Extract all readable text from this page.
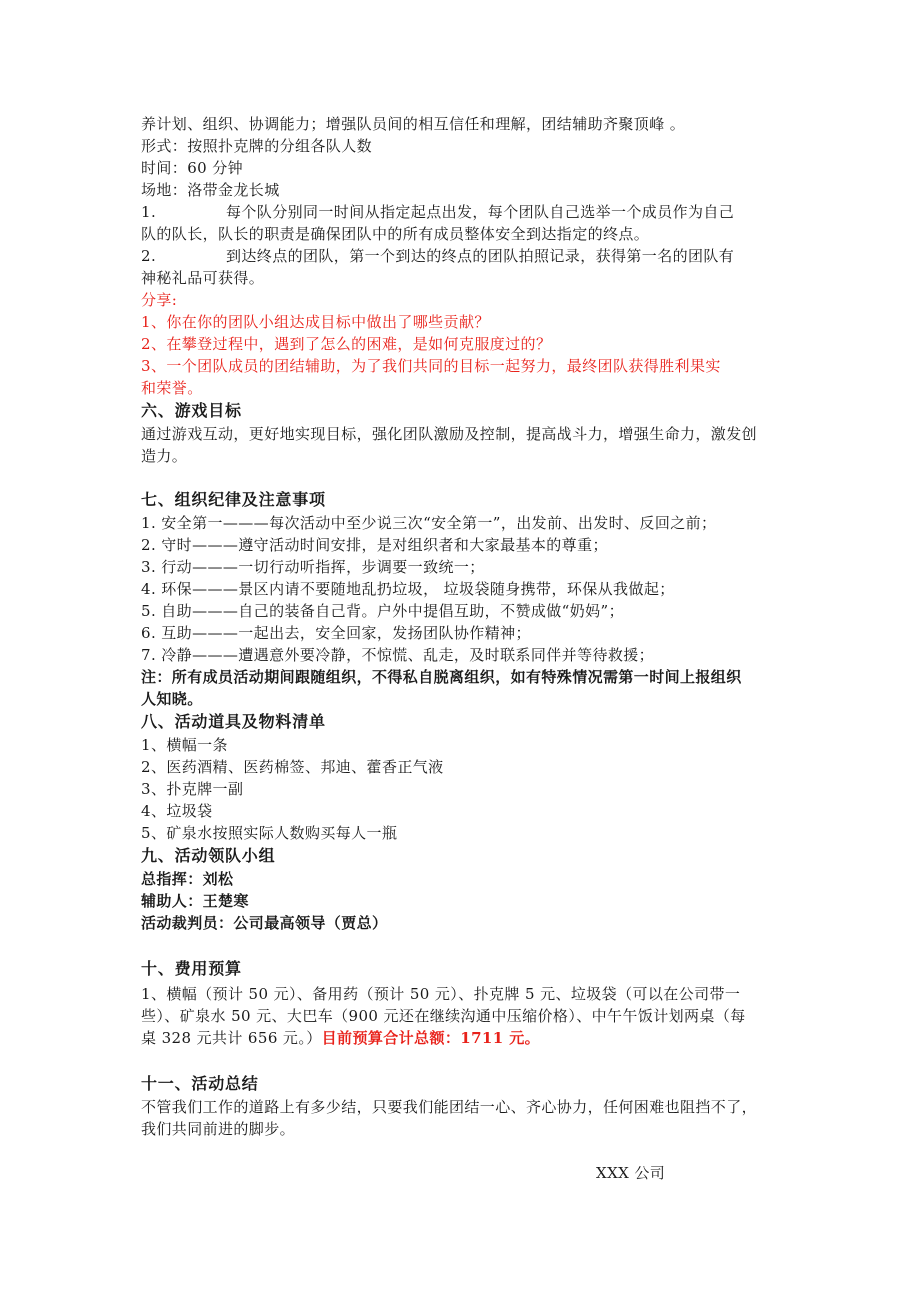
养计划、组织、协调能力；增强队员间的相互信任和理解，团结辅助齐聚顶峰 。
形式：按照扑克牌的分组各队人数
时间：60 分钟
场地：洛带金龙长城
1.	每个队分别同一时间从指定起点出发，每个团队自己选举一个成员作为自己
队的队长，队长的职责是确保团队中的所有成员整体安全到达指定的终点。
2.	到达终点的团队，第一个到达的终点的团队拍照记录，获得第一名的团队有
神秘礼品可获得。
分享:
1、你在你的团队小组达成目标中做出了哪些贡献？
2、在攀登过程中，遇到了怎么的困难，是如何克服度过的？
3、一个团队成员的团结辅助，为了我们共同的目标一起努力，最终团队获得胜利果实
和荣誉。
六、游戏目标
通过游戏互动，更好地实现目标，强化团队激励及控制，提高战斗力，增强生命力，激发创
造力。
七、组织纪律及注意事项
1. 安全第一———每次活动中至少说三次“安全第一”，出发前、出发时、反回之前；
2. 守时———遵守活动时间安排，是对组织者和大家最基本的尊重；
3. 行动———一切行动听指挥，步调要一致统一；
4. 环保———景区内请不要随地乱扔垃圾， 垃圾袋随身携带，环保从我做起；
5. 自助———自己的装备自己背。户外中提倡互助，不赞成做“奶妈”；
6. 互助———一起出去，安全回家，发扬团队协作精神；
7. 冷静———遭遇意外要冷静，不惊慌、乱走，及时联系同伴并等待救援；
注：所有成员活动期间跟随组织，不得私自脱离组织，如有特殊情况需第一时间上报组织
人知晓。
八、活动道具及物料清单
1、横幅一条
2、医药酒精、医药棉签、邦迪、藿香正气液
3、扑克牌一副
4、垃圾袋
5、矿泉水按照实际人数购买每人一瓶
九、活动领队小组
总指挥：刘松
辅助人：王楚寒
活动裁判员：公司最高领导（贾总）
十、费用预算
1、横幅（预计 50 元）、备用药（预计 50 元）、扑克牌 5 元、垃圾袋（可以在公司带一
些）、矿泉水 50 元、大巴车（900 元还在继续沟通中压缩价格）、中午午饭计划两桌（每
桌 328 元共计 656 元。）目前预算合计总额：1711 元。
十一、活动总结
不管我们工作的道路上有多少结，只要我们能团结一心、齐心协力，任何困难也阻挡不了，
我们共同前进的脚步。
XXX 公司
